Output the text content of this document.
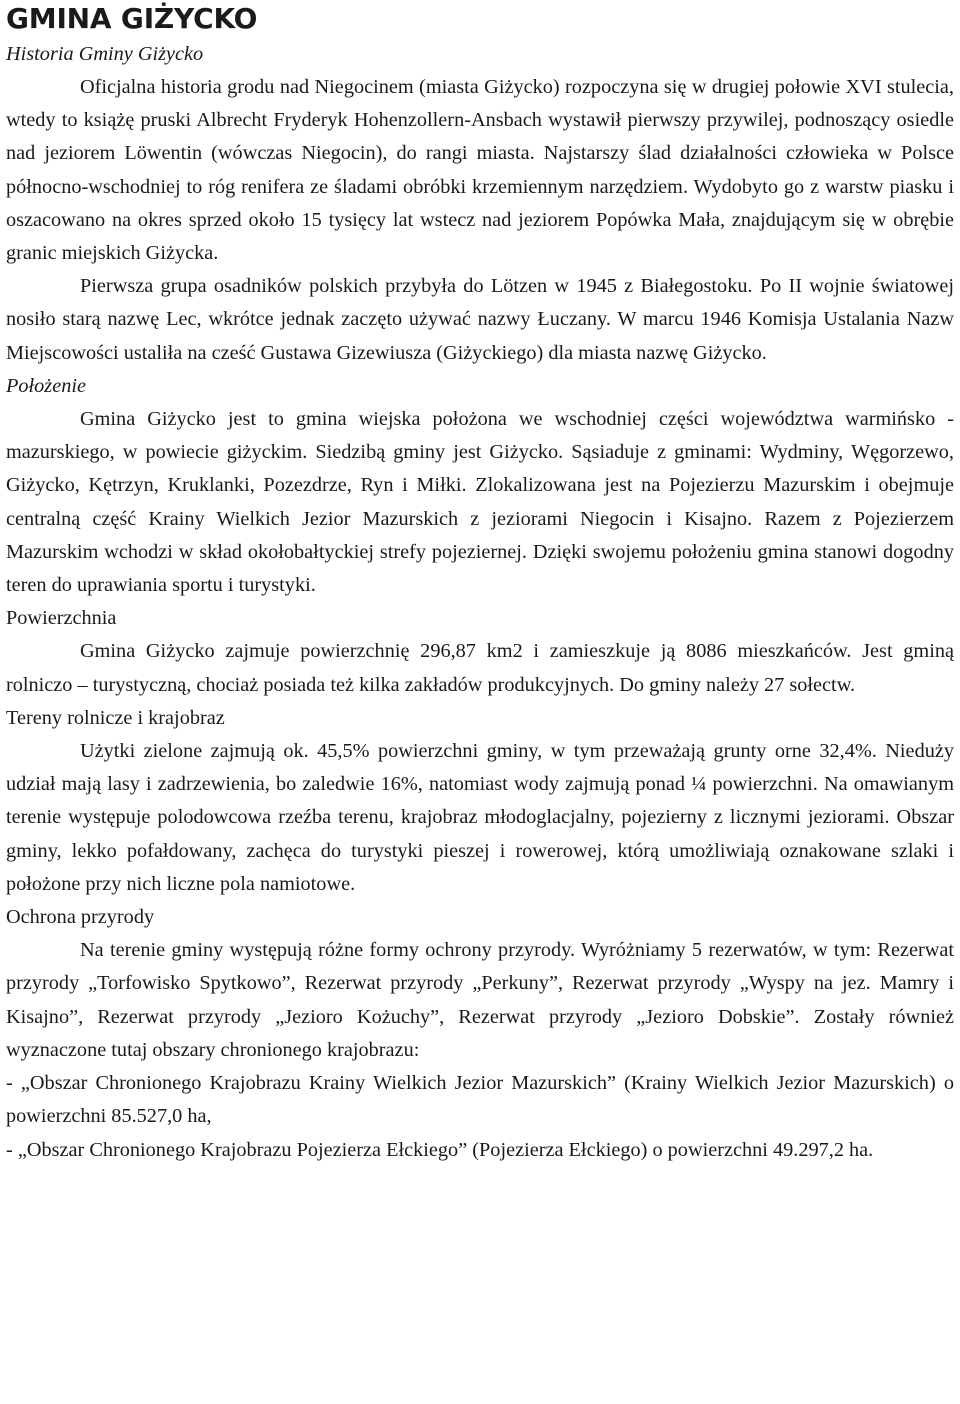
GMINA GIŻYCKO
Historia Gminy Giżycko

Oficjalna historia grodu nad Niegocinem (miasta Giżycko) rozpoczyna się w drugiej połowie XVI stulecia, wtedy to książę pruski Albrecht Fryderyk Hohenzollern-Ansbach wystawił pierwszy przywilej, podnoszący osiedle nad jeziorem Löwentin (wówczas Niegocin), do rangi miasta. Najstarszy ślad działalności człowieka w Polsce północno-wschodniej to róg renifera ze śladami obróbki krzemiennym narzędziem. Wydobyto go z warstw piasku i oszacowano na okres sprzed około 15 tysięcy lat wstecz nad jeziorem Popówka Mała, znajdującym się w obrębie granic miejskich Giżycka.

Pierwsza grupa osadników polskich przybyła do Lötzen w 1945 z Białegostoku. Po II wojnie światowej nosiło starą nazwę Lec, wkrótce jednak zaczęto używać nazwy Łuczany. W marcu 1946 Komisja Ustalania Nazw Miejscowości ustaliła na cześć Gustawa Gizewiusza (Giżyckiego) dla miasta nazwę Giżycko.

Położenie

Gmina Giżycko jest to gmina wiejska położona we wschodniej części województwa warmińsko - mazurskiego, w powiecie giżyckim. Siedzibą gminy jest Giżycko. Sąsiaduje z gminami: Wydminy, Węgorzewo, Giżycko, Kętrzyn, Kruklanki, Pozezdrze, Ryn i Miłki. Zlokalizowana jest na Pojezierzu Mazurskim i obejmuje centralną część Krainy Wielkich Jezior Mazurskich z jeziorami Niegocin i Kisajno. Razem z Pojezierzem Mazurskim wchodzi w skład okołobałtyckiej strefy pojeziernej. Dzięki swojemu położeniu gmina stanowi dogodny teren do uprawiania sportu i turystyki.

Powierzchnia

Gmina Giżycko zajmuje powierzchnię 296,87 km2 i zamieszkuje ją 8086 mieszkańców. Jest gminą rolniczo – turystyczną, chociaż posiada też kilka zakładów produkcyjnych. Do gminy należy 27 sołectw.

Tereny rolnicze i krajobraz

Użytki zielone zajmują ok. 45,5% powierzchni gminy, w tym przeważają grunty orne 32,4%. Nieduży udział mają lasy i zadrzewienia, bo zaledwie 16%, natomiast wody zajmują ponad ¼ powierzchni. Na omawianym terenie występuje polodowcowa rzeźba terenu, krajobraz młodoglacjalny, pojezierny z licznymi jeziorami. Obszar gminy, lekko pofałdowany, zachęca do turystyki pieszej i rowerowej, którą umożliwiają oznakowane szlaki i położone przy nich liczne pola namiotowe.

Ochrona przyrody

Na terenie gminy występują różne formy ochrony przyrody. Wyróżniamy 5 rezerwatów, w tym: Rezerwat przyrody „Torfowisko Spytkowo”, Rezerwat przyrody „Perkuny”, Rezerwat przyrody „Wyspy na jez. Mamry i Kisajno”, Rezerwat przyrody „Jezioro Kożuchy”, Rezerwat przyrody „Jezioro Dobskie”. Zostały również wyznaczone tutaj obszary chronionego krajobrazu:

- „Obszar Chronionego Krajobrazu Krainy Wielkich Jezior Mazurskich” (Krainy Wielkich Jezior Mazurskich) o powierzchni 85.527,0 ha,

- „Obszar Chronionego Krajobrazu Pojezierza Ełckiego” (Pojezierza Ełckiego) o powierzchni 49.297,2 ha.
